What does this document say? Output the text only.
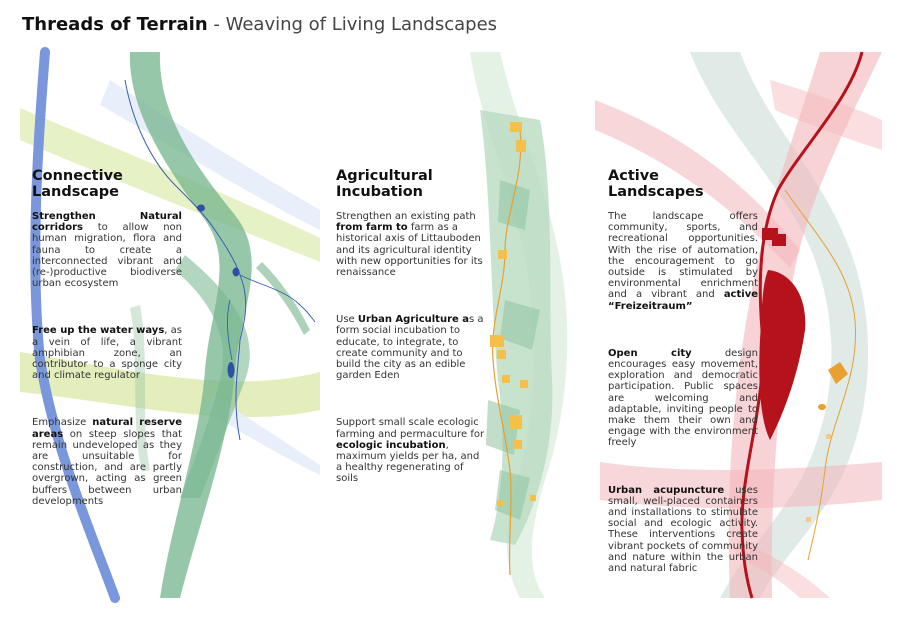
Threads of Terrain - Weaving of Living Landscapes
Connective
Landscape

Strengthen Natural corridors to allow non human migration, flora and fauna to create a interconnected vibrant and (re-)productive biodiverse urban ecosystem

Free up the water ways, as a vein of life, a vibrant amphibian zone, an contributor to a sponge city and climate regulator

Emphasize natural reserve areas on steep slopes that remain undeveloped as they are unsuitable for construction, and are partly overgrown, acting as green buffers between urban developments

Agricultural
Incubation

Strengthen an existing path from farm to farm as a historical axis of Littauboden and its agricultural identity with new opportunities for its renaissance

Use Urban Agriculture as a form social incubation to educate, to integrate, to create community and to build the city as an edible garden Eden

Support small scale ecologic farming and permaculture for ecologic incubation, maximum yields per ha, and a healthy regenerating of soils

Active Landscapes

The landscape offers community, sports, and recreational opportunities. With the rise of automation, the encouragement to go outside is stimulated by environmental enrichment and a vibrant and active “Freizeitraum”

Open city design encourages easy movement, exploration and democratic participation. Public spaces are welcoming and adaptable, inviting people to make them their own and engage with the environment freely

Urban acupuncture uses small, well-placed containers and installations to stimulate social and ecologic activity. These interventions create vibrant pockets of community and nature within the urban and natural fabric
